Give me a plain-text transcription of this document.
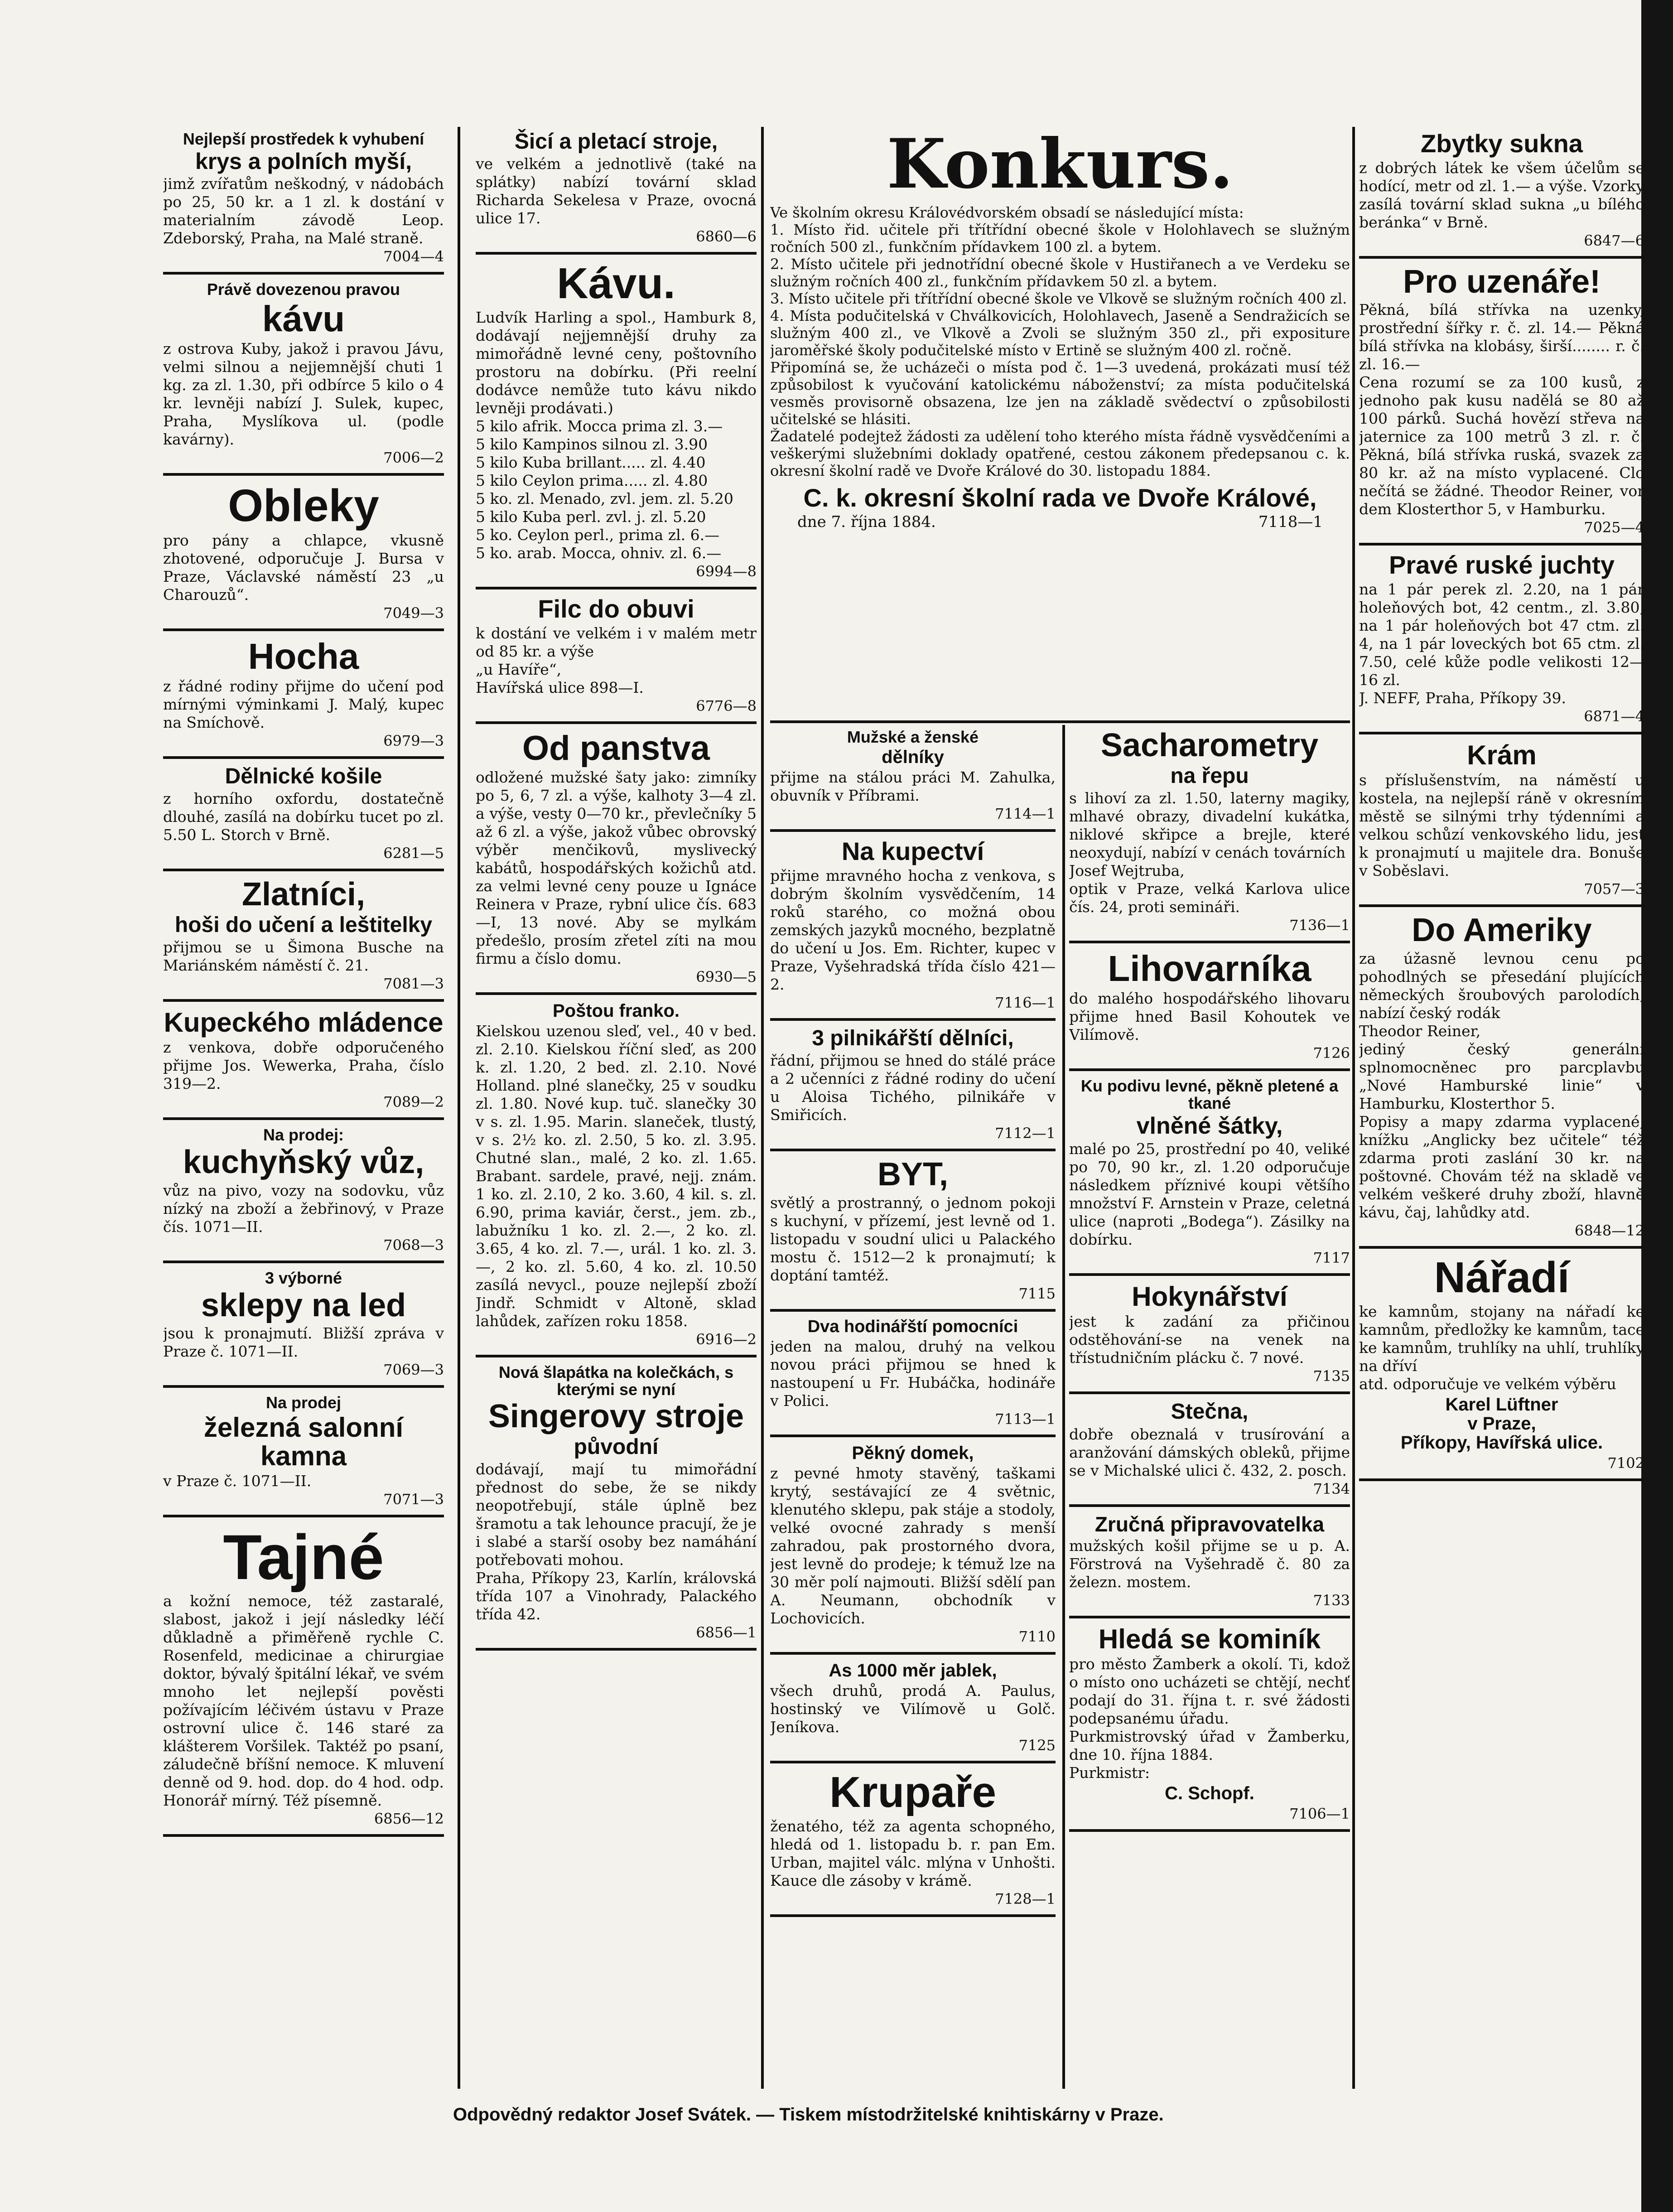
Nejlepší prostředek k vyhubení
krys a polních myší,
jimž zvířatům neškodný, v nádobách po 25, 50 kr. a 1 zl. k dostání v materialním závodě Leop. Zdeborský, Praha, na Malé straně.
7004—4
Právě dovezenou pravou
kávu
z ostrova Kuby, jakož i pravou Jávu, velmi silnou a nejjemnější chuti 1 kg. za zl. 1.30, při odbírce 5 kilo o 4 kr. levněji nabízí J. Sulek, kupec, Praha, Myslíkova ul. (podle kavárny).
7006—2
Obleky
pro pány a chlapce, vkusně zhotovené, odporučuje J. Bursa v Praze, Václavské náměstí 23 „u Charouzů“.
7049—3
Hocha
z řádné rodiny přijme do učení pod mírnými výminkami J. Malý, kupec na Smíchově.
6979—3
Dělnické košile
z horního oxfordu, dostatečně dlouhé, zasílá na dobírku tucet po zl. 5.50 L. Storch v Brně.
6281—5
Zlatníci,
hoši do učení a leštitelky
přijmou se u Šimona Busche na Mariánském náměstí č. 21.
7081—3
Kupeckého mládence
z venkova, dobře odporučeného přijme Jos. Wewerka, Praha, číslo 319—2.
7089—2
Na prodej:
kuchyňský vůz,
vůz na pivo, vozy na sodovku, vůz nízký na zboží a žebřinový, v Praze čís. 1071—II.
7068—3
3 výborné
sklepy na led
jsou k pronajmutí. Bližší zpráva v Praze č. 1071—II.
7069—3
Na prodej
železná salonní kamna
v Praze č. 1071—II.
7071—3
Tajné
a kožní nemoce, též zastaralé, slabost, jakož i její následky léčí důkladně a přiměřeně rychle C. Rosenfeld, medicinae a chirurgiae doktor, bývalý špitální lékař, ve svém mnoho let nejlepší pověsti požívajícím léčivém ústavu v Praze ostrovní ulice č. 146 staré za klášterem Voršilek. Taktéž po psaní, záludečně bříšní nemoce. K mluvení denně od 9. hod. dop. do 4 hod. odp. Honorář mírný. Též písemně.
6856—12
Šicí a pletací stroje,
ve velkém a jednotlivě (také na splátky) nabízí tovární sklad Richarda Sekelesa v Praze, ovocná ulice 17.
6860—6
Kávu.
Ludvík Harling a spol., Hamburk 8, dodávají nejjemnější druhy za mimořádně levné ceny, poštovního prostoru na dobírku. (Při reelní dodávce nemůže tuto kávu nikdo levněji prodávati.)
5 kilo afrik. Mocca prima zl. 3.—
5 kilo Kampinos silnou zl. 3.90
5 kilo Kuba brillant..... zl. 4.40
5 kilo Ceylon prima..... zl. 4.80
5 ko. zl. Menado, zvl. jem. zl. 5.20
5 kilo Kuba perl. zvl. j. zl. 5.20
5 ko. Ceylon perl., prima zl. 6.—
5 ko. arab. Mocca, ohniv. zl. 6.—
6994—8
Filc do obuvi
k dostání ve velkém i v malém metr od 85 kr. a výše
„u Havíře“,
Havířská ulice 898—I.
6776—8
Od panstva
odložené mužské šaty jako: zimníky po 5, 6, 7 zl. a výše, kalhoty 3—4 zl. a výše, vesty 0—70 kr., převlečníky 5 až 6 zl. a výše, jakož vůbec obrovský výběr menčikovů, myslivecký kabátů, hospodářských kožichů atd. za velmi levné ceny pouze u Ignáce Reinera v Praze, rybní ulice čís. 683—I, 13 nové. Aby se mylkám předešlo, prosím zřetel zíti na mou firmu a číslo domu.
6930—5
Poštou franko.
Kielskou uzenou sleď, vel., 40 v bed. zl. 2.10. Kielskou říční sleď, as 200 k. zl. 1.20, 2 bed. zl. 2.10. Nové Holland. plné slanečky, 25 v soudku zl. 1.80. Nové kup. tuč. slanečky 30 v s. zl. 1.95. Marin. slaneček, tlustý, v s. 2½ ko. zl. 2.50, 5 ko. zl. 3.95. Chutné slan., malé, 2 ko. zl. 1.65. Brabant. sardele, pravé, nejj. znám. 1 ko. zl. 2.10, 2 ko. 3.60, 4 kil. s. zl. 6.90, prima kaviár, čerst., jem. zb., labužníku 1 ko. zl. 2.—, 2 ko. zl. 3.65, 4 ko. zl. 7.—, urál. 1 ko. zl. 3.—, 2 ko. zl. 5.60, 4 ko. zl. 10.50 zasílá nevycl., pouze nejlepší zboží Jindř. Schmidt v Altoně, sklad lahůdek, zařízen roku 1858.
6916—2
Nová šlapátka na kolečkách, s kterými se nyní
Singerovy stroje
původní
dodávají, mají tu mimořádní přednost do sebe, že se nikdy neopotřebují, stále úplně bez šramotu a tak lehounce pracují, že je i slabé a starší osoby bez namáhání potřebovati mohou.
Praha, Příkopy 23, Karlín, královská třída 107 a Vinohrady, Palackého třída 42.
6856—1
Konkurs.
Ve školním okresu Královédvorském obsadí se následující místa:
1. Místo řid. učitele při třítřídní obecné škole v Holohlavech se služným ročních 500 zl., funkčním přídavkem 100 zl. a bytem.
2. Místo učitele při jednotřídní obecné škole v Hustiřanech a ve Verdeku se služným ročních 400 zl., funkčním přídavkem 50 zl. a bytem.
3. Místo učitele při třítřídní obecné škole ve Vlkově se služným ročních 400 zl.
4. Místa podučitelská v Chválkovicích, Holohlavech, Jaseně a Sendražicích se služným 400 zl., ve Vlkově a Zvoli se služným 350 zl., při expositure jaroměřské školy podučitelské místo v Ertině se služným 400 zl. ročně.
Připomíná se, že ucházeči o místa pod č. 1—3 uvedená, prokázati musí též způsobilost k vyučování katolickému náboženství; za místa podučitelská vesměs provisorně obsazena, lze jen na základě svědectví o způsobilosti učitelské se hlásiti.
Žadatelé podejtež žádosti za udělení toho kterého místa řádně vysvědčeními a veškerými služebními doklady opatřené, cestou zákonem předepsanou c. k. okresní školní radě ve Dvoře Králové do 30. listopadu 1884.
C. k. okresní školní rada ve Dvoře Králové,
dne 7. října 1884.	7118—1
Mužské a ženské
dělníky
přijme na stálou práci M. Zahulka, obuvník v Příbrami.
7114—1
Na kupectví
přijme mravného hocha z venkova, s dobrým školním vysvědčením, 14 roků starého, co možná obou zemských jazyků mocného, bezplatně do učení u Jos. Em. Richter, kupec v Praze, Vyšehradská třída číslo 421—2.
7116—1
3 pilnikářští dělníci,
řádní, přijmou se hned do stálé práce a 2 učenníci z řádné rodiny do učení u Aloisa Tichého, pilnikáře v Smiřicích.
7112—1
BYT,
světlý a prostranný, o jednom pokoji s kuchyní, v přízemí, jest levně od 1. listopadu v soudní ulici u Palackého mostu č. 1512—2 k pronajmutí; k doptání tamtéž.
7115
Dva hodinářští pomocníci
jeden na malou, druhý na velkou novou práci přijmou se hned k nastoupení u Fr. Hubáčka, hodináře v Polici.
7113—1
Pěkný domek,
z pevné hmoty stavěný, taškami krytý, sestávající ze 4 světnic, klenutého sklepu, pak stáje a stodoly, velké ovocné zahrady s menší zahradou, pak prostorného dvora, jest levně do prodeje; k témuž lze na 30 měr polí najmouti. Bližší sdělí pan A. Neumann, obchodník v Lochovicích.
7110
As 1000 měr jablek,
všech druhů, prodá A. Paulus, hostinský ve Vilímově u Golč. Jeníkova.
7125
Krupaře
ženatého, též za agenta schopného, hledá od 1. listopadu b. r. pan Em. Urban, majitel válc. mlýna v Unhošti. Kauce dle zásoby v krámě.
7128—1
Sacharometry
na řepu
s lihoví za zl. 1.50, laterny magiky, mlhavé obrazy, divadelní kukátka, niklové skřipce a brejle, které neoxydují, nabízí v cenách továrních
Josef Wejtruba,
optik v Praze, velká Karlova ulice čís. 24, proti semináři.
7136—1
Lihovarníka
do malého hospodářského lihovaru přijme hned Basil Kohoutek ve Vilímově.
7126
Ku podivu levné, pěkně pletené a tkané
vlněné šátky,
malé po 25, prostřední po 40, veliké po 70, 90 kr., zl. 1.20 odporučuje následkem příznivé koupi většího množství F. Arnstein v Praze, celetná ulice (naproti „Bodega“). Zásilky na dobírku.
7117
Hokynářství
jest k zadání za přičinou odstěhování-se na venek na třístudničním plácku č. 7 nové.
7135
Stečna,
dobře obeznalá v trusírování a aranžování dámských obleků, přijme se v Michalské ulici č. 432, 2. posch.
7134
Zručná připravovatelka
mužských košil přijme se u p. A. Förstrová na Vyšehradě č. 80 za železn. mostem.
7133
Hledá se kominík
pro město Žamberk a okolí. Ti, kdož o místo ono ucházeti se chtějí, nechť podají do 31. října t. r. své žádosti podepsanému úřadu.
Purkmistrovský úřad v Žamberku, dne 10. října 1884.
Purkmistr:
C. Schopf.
7106—1
Zbytky sukna
z dobrých látek ke všem účelům se hodící, metr od zl. 1.— a výše. Vzorky zasílá tovární sklad sukna „u bílého beránka“ v Brně.
6847—6
Pro uzenáře!
Pěkná, bílá střívka na uzenky, prostřední šířky r. č. zl. 14.— Pěkná bílá střívka na klobásy, širší........ r. č. zl. 16.—
Cena rozumí se za 100 kusů, z jednoho pak kusu nadělá se 80 až 100 párků. Suchá hovězí střeva na jaternice za 100 metrů 3 zl. r. č. Pěkná, bílá střívka ruská, svazek za 80 kr. až na místo vyplacené. Clo nečítá se žádné. Theodor Reiner, vor dem Klosterthor 5, v Hamburku.
7025—4
Pravé ruské juchty
na 1 pár perek zl. 2.20, na 1 pár holeňových bot, 42 centm., zl. 3.80, na 1 pár holeňových bot 47 ctm. zl. 4, na 1 pár loveckých bot 65 ctm. zl. 7.50, celé kůže podle velikosti 12—16 zl.
J. NEFF, Praha, Příkopy 39.
6871—4
Krám
s příslušenstvím, na náměstí u kostela, na nejlepší ráně v okresním městě se silnými trhy týdenními a velkou schůzí venkovského lidu, jest k pronajmutí u majitele dra. Bonuše v Soběslavi.
7057—3
Do Ameriky
za úžasně levnou cenu po pohodlných se přesedání plujících německých šroubových parolodích, nabízí český rodák
Theodor Reiner,
jediný český generální splnomocněnec pro parcplavbu „Nové Hamburské linie“ v Hamburku, Klosterthor 5.
Popisy a mapy zdarma vyplacené, knížku „Anglicky bez učitele“ též zdarma proti zaslání 30 kr. na poštovné. Chovám též na skladě ve velkém veškeré druhy zboží, hlavně kávu, čaj, lahůdky atd.
6848—12
Nářadí
ke kamnům, stojany na nářadí ke kamnům, předložky ke kamnům, tace ke kamnům, truhlíky na uhlí, truhlíky na dříví
atd. odporučuje ve velkém výběru
Karel Lüftner
v Praze,
Příkopy, Havířská ulice.
7102
Odpovědný redaktor Josef Svátek. — Tiskem místodržitelské knihtiskárny v Praze.
